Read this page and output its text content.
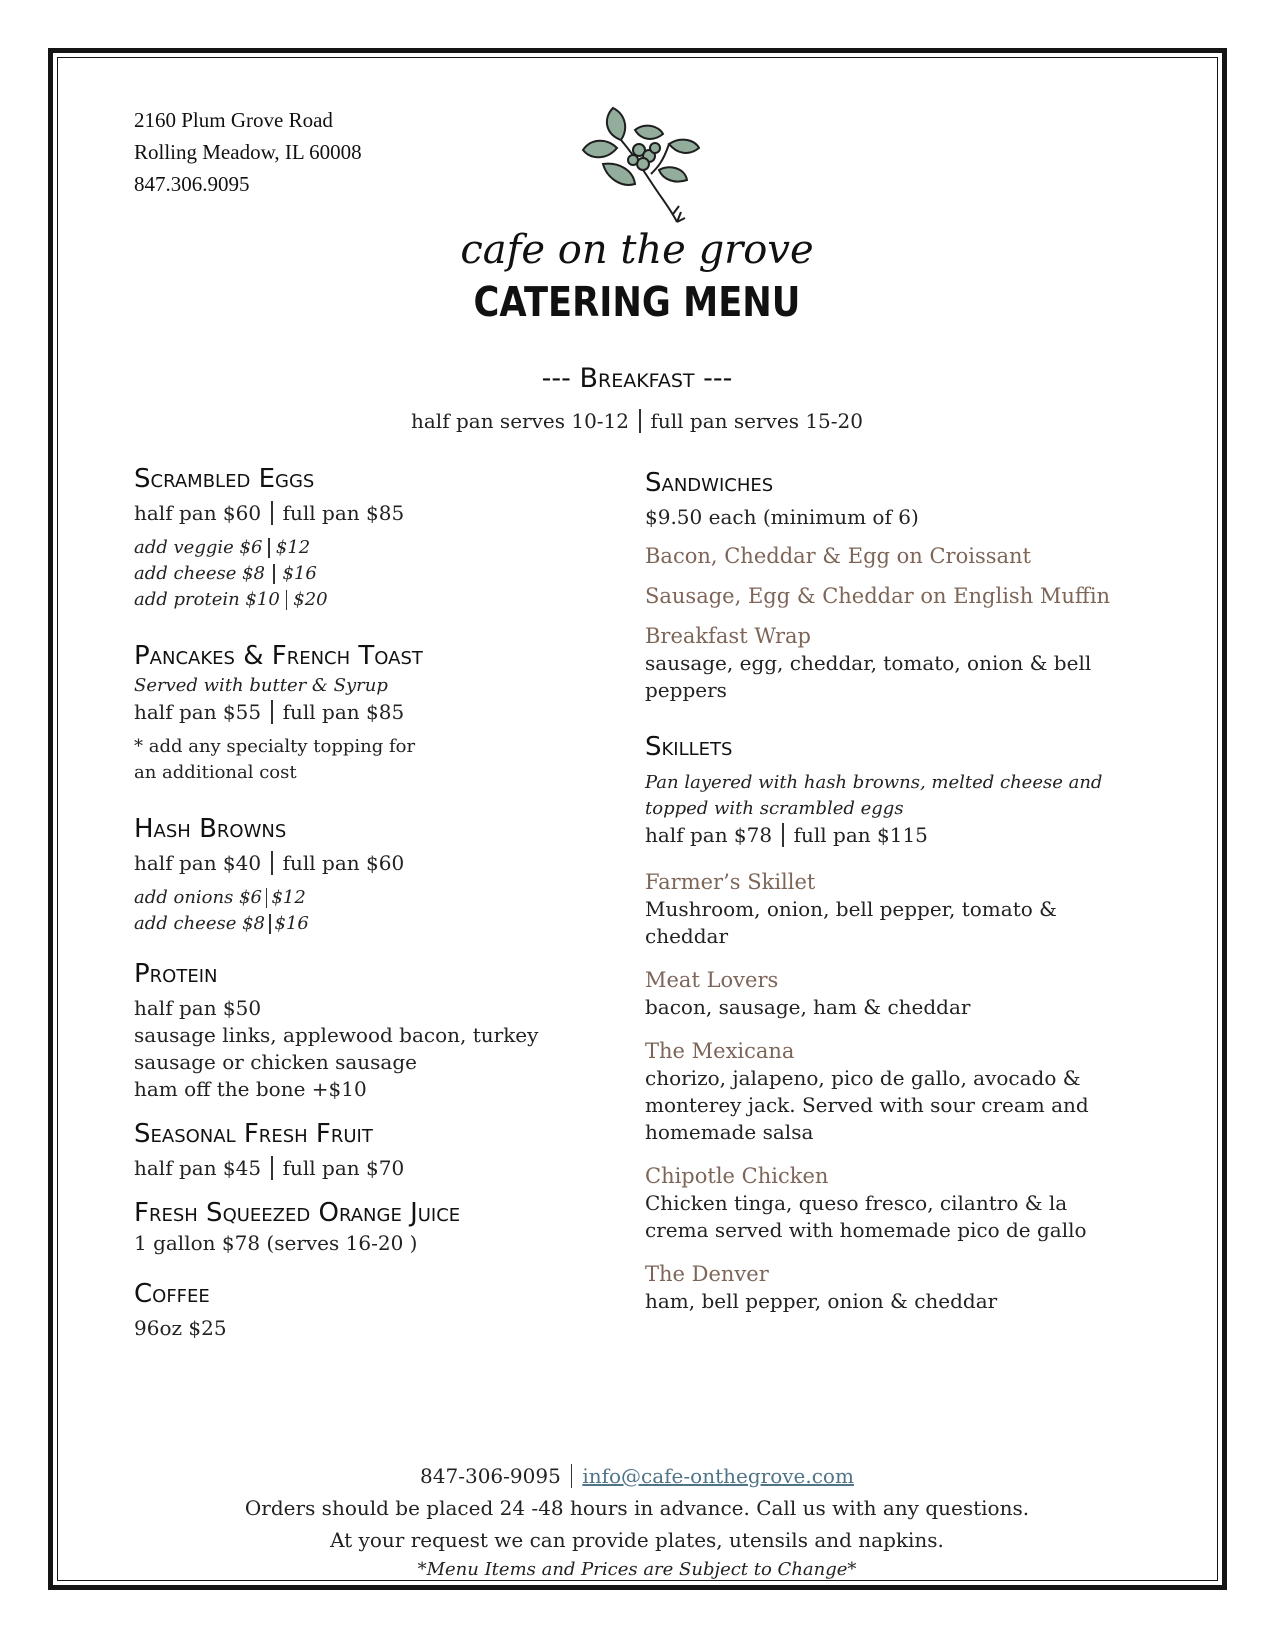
2160 Plum Grove Road
Rolling Meadow, IL 60008
847.306.9095
cafe on the grove
CATERING MENU
--- Breakfast ---
half pan serves 10-12 full pan serves 15-20
Scrambled Eggs
half pan $60 full pan $85
add veggie $6 $12
add cheese $8 $16
add protein $10 $20
Pancakes & French Toast
Served with butter & Syrup
half pan $55 full pan $85
* add any specialty topping for
an additional cost
Hash Browns
half pan $40 full pan $60
add onions $6 $12
add cheese $8 $16
Protein
half pan $50
sausage links, applewood bacon, turkey
sausage or chicken sausage
ham off the bone +$10
Seasonal Fresh Fruit
half pan $45 full pan $70
Fresh Squeezed Orange Juice
1 gallon $78 (serves 16-20 )
Coffee
96oz $25
Sandwiches
$9.50 each (minimum of 6)
Bacon, Cheddar & Egg on Croissant
Sausage, Egg & Cheddar on English Muffin
Breakfast Wrap
sausage, egg, cheddar, tomato, onion & bell
peppers
Skillets
Pan layered with hash browns, melted cheese and
topped with scrambled eggs
half pan $78 full pan $115
Farmer’s Skillet
Mushroom, onion, bell pepper, tomato &
cheddar
Meat Lovers
bacon, sausage, ham & cheddar
The Mexicana
chorizo, jalapeno, pico de gallo, avocado &
monterey jack. Served with sour cream and
homemade salsa
Chipotle Chicken
Chicken tinga, queso fresco, cilantro & la
crema served with homemade pico de gallo
The Denver
ham, bell pepper, onion & cheddar
847-306-9095 info@cafe-onthegrove.com
Orders should be placed 24 -48 hours in advance. Call us with any questions.
At your request we can provide plates, utensils and napkins.
*Menu Items and Prices are Subject to Change*
